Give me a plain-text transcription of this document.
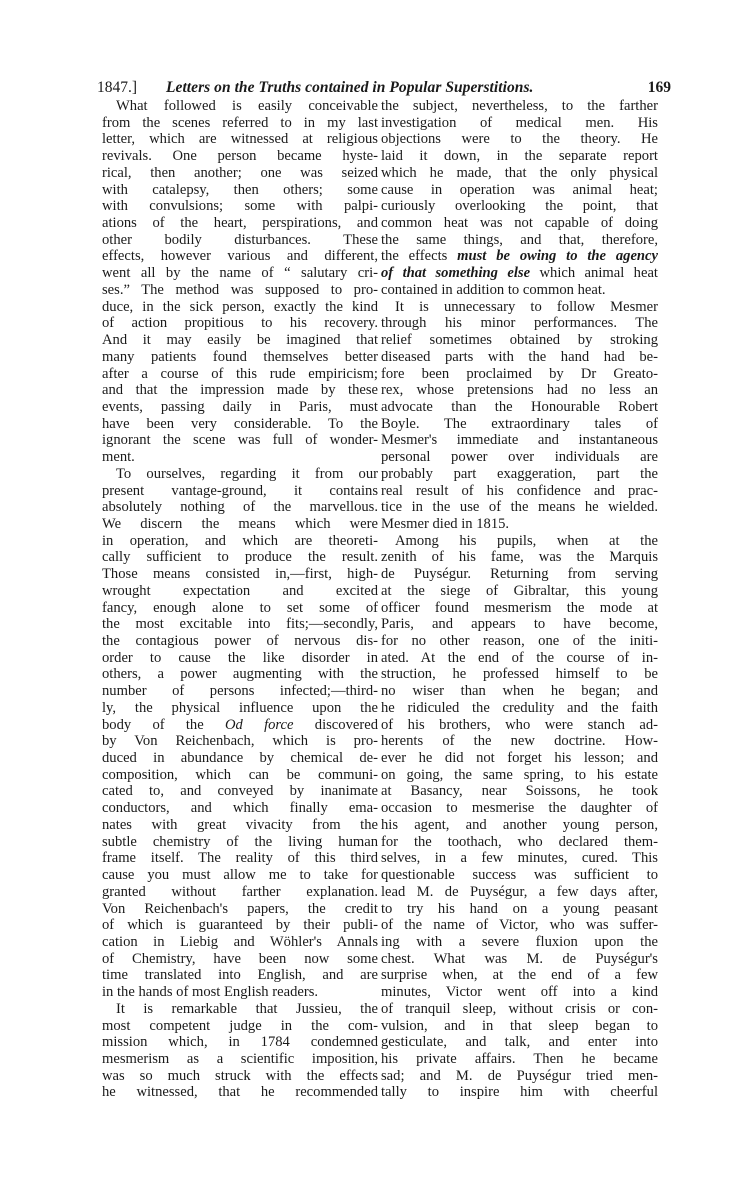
1847.] Letters on the Truths contained in Popular Superstitions.	169
What followed is easily conceivable
from the scenes referred to in my last
letter, which are witnessed at religious
revivals. One person became hyste-
rical, then another; one was seized
with catalepsy, then others; some
with convulsions; some with palpi-
ations of the heart, perspirations, and
other bodily disturbances. These
effects, however various and different,
went all by the name of “ salutary cri-
ses.” The method was supposed to pro-
duce, in the sick person, exactly the kind
of action propitious to his recovery.
And it may easily be imagined that
many patients found themselves better
after a course of this rude empiricism;
and that the impression made by these
events, passing daily in Paris, must
have been very considerable. To the
ignorant the scene was full of wonder-
ment.
To ourselves, regarding it from our
present vantage-ground, it contains
absolutely nothing of the marvellous.
We discern the means which were
in operation, and which are theoreti-
cally sufficient to produce the result.
Those means consisted in,—first, high-
wrought expectation and excited
fancy, enough alone to set some of
the most excitable into fits;—secondly,
the contagious power of nervous dis-
order to cause the like disorder in
others, a power augmenting with the
number of persons infected;—third-
ly, the physical influence upon the
body of the Od force discovered
by Von Reichenbach, which is pro-
duced in abundance by chemical de-
composition, which can be communi-
cated to, and conveyed by inanimate
conductors, and which finally ema-
nates with great vivacity from the
subtle chemistry of the living human
frame itself. The reality of this third
cause you must allow me to take for
granted without farther explanation.
Von Reichenbach's papers, the credit
of which is guaranteed by their publi-
cation in Liebig and Wöhler's Annals
of Chemistry, have been now some
time translated into English, and are
in the hands of most English readers.
It is remarkable that Jussieu, the
most competent judge in the com-
mission which, in 1784 condemned
mesmerism as a scientific imposition,
was so much struck with the effects
he witnessed, that he recommended
the subject, nevertheless, to the farther
investigation of medical men. His
objections were to the theory. He
laid it down, in the separate report
which he made, that the only physical
cause in operation was animal heat;
curiously overlooking the point, that
common heat was not capable of doing
the same things, and that, therefore,
the effects must be owing to the agency
of that something else which animal heat
contained in addition to common heat.
It is unnecessary to follow Mesmer
through his minor performances. The
relief sometimes obtained by stroking
diseased parts with the hand had be-
fore been proclaimed by Dr Greato-
rex, whose pretensions had no less an
advocate than the Honourable Robert
Boyle. The extraordinary tales of
Mesmer's immediate and instantaneous
personal power over individuals are
probably part exaggeration, part the
real result of his confidence and prac-
tice in the use of the means he wielded.
Mesmer died in 1815.
Among his pupils, when at the
zenith of his fame, was the Marquis
de Puységur. Returning from serving
at the siege of Gibraltar, this young
officer found mesmerism the mode at
Paris, and appears to have become,
for no other reason, one of the initi-
ated. At the end of the course of in-
struction, he professed himself to be
no wiser than when he began; and
he ridiculed the credulity and the faith
of his brothers, who were stanch ad-
herents of the new doctrine. How-
ever he did not forget his lesson; and
on going, the same spring, to his estate
at Basancy, near Soissons, he took
occasion to mesmerise the daughter of
his agent, and another young person,
for the toothach, who declared them-
selves, in a few minutes, cured. This
questionable success was sufficient to
lead M. de Puységur, a few days after,
to try his hand on a young peasant
of the name of Victor, who was suffer-
ing with a severe fluxion upon the
chest. What was M. de Puységur's
surprise when, at the end of a few
minutes, Victor went off into a kind
of tranquil sleep, without crisis or con-
vulsion, and in that sleep began to
gesticulate, and talk, and enter into
his private affairs. Then he became
sad; and M. de Puységur tried men-
tally to inspire him with cheerful
